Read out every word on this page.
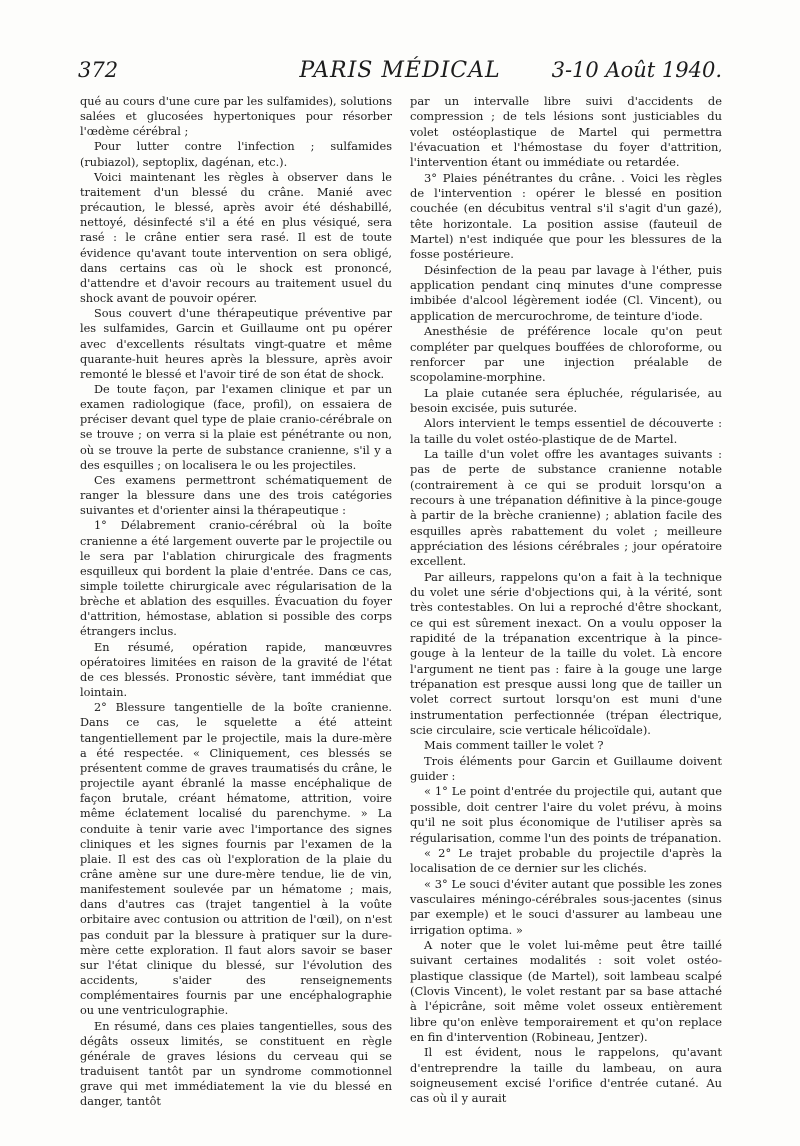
372	PARIS MÉDICAL	3-10 Août 1940.

qué au cours d'une cure par les sulfamides), solutions salées et glucosées hypertoniques pour résorber l'œdème cérébral ;

Pour lutter contre l'infection ; sulfamides (rubiazol), septoplix, dagénan, etc.).

Voici maintenant les règles à observer dans le traitement d'un blessé du crâne. Manié avec précaution, le blessé, après avoir été déshabillé, nettoyé, désinfecté s'il a été en plus vésiqué, sera rasé : le crâne entier sera rasé. Il est de toute évidence qu'avant toute intervention on sera obligé, dans certains cas où le shock est prononcé, d'attendre et d'avoir recours au traitement usuel du shock avant de pouvoir opérer.

Sous couvert d'une thérapeutique préventive par les sulfamides, Garcin et Guillaume ont pu opérer avec d'excellents résultats vingt-quatre et même quarante-huit heures après la blessure, après avoir remonté le blessé et l'avoir tiré de son état de shock.

De toute façon, par l'examen clinique et par un examen radiologique (face, profil), on essaiera de préciser devant quel type de plaie cranio-cérébrale on se trouve ; on verra si la plaie est pénétrante ou non, où se trouve la perte de substance cranienne, s'il y a des esquilles ; on localisera le ou les projectiles.

Ces examens permettront schématiquement de ranger la blessure dans une des trois catégories suivantes et d'orienter ainsi la thérapeutique :

1° Délabrement cranio-cérébral où la boîte cranienne a été largement ouverte par le projectile ou le sera par l'ablation chirurgicale des fragments esquilleux qui bordent la plaie d'entrée. Dans ce cas, simple toilette chirurgicale avec régularisation de la brèche et ablation des esquilles. Évacuation du foyer d'attrition, hémostase, ablation si possible des corps étrangers inclus.

En résumé, opération rapide, manœuvres opératoires limitées en raison de la gravité de l'état de ces blessés. Pronostic sévère, tant immédiat que lointain.

2° Blessure tangentielle de la boîte cranienne. Dans ce cas, le squelette a été atteint tangentiellement par le projectile, mais la dure-mère a été respectée. « Cliniquement, ces blessés se présentent comme de graves traumatisés du crâne, le projectile ayant ébranlé la masse encéphalique de façon brutale, créant hématome, attrition, voire même éclatement localisé du parenchyme. » La conduite à tenir varie avec l'importance des signes cliniques et les signes fournis par l'examen de la plaie. Il est des cas où l'exploration de la plaie du crâne amène sur une dure-mère tendue, lie de vin, manifestement soulevée par un hématome ; mais, dans d'autres cas (trajet tangentiel à la voûte orbitaire avec contusion ou attrition de l'œil), on n'est pas conduit par la blessure à pratiquer sur la dure-mère cette exploration. Il faut alors savoir se baser sur l'état clinique du blessé, sur l'évolution des accidents, s'aider des renseignements complémentaires fournis par une encéphalographie ou une ventriculographie.

En résumé, dans ces plaies tangentielles, sous des dégâts osseux limités, se constituent en règle générale de graves lésions du cerveau qui se traduisent tantôt par un syndrome commotionnel grave qui met immédiatement la vie du blessé en danger, tantôt

par un intervalle libre suivi d'accidents de compression ; de tels lésions sont justiciables du volet ostéoplastique de Martel qui permettra l'évacuation et l'hémostase du foyer d'attrition, l'intervention étant ou immédiate ou retardée.

3° Plaies pénétrantes du crâne. . Voici les règles de l'intervention : opérer le blessé en position couchée (en décubitus ventral s'il s'agit d'un gazé), tête horizontale. La position assise (fauteuil de Martel) n'est indiquée que pour les blessures de la fosse postérieure.

Désinfection de la peau par lavage à l'éther, puis application pendant cinq minutes d'une compresse imbibée d'alcool légèrement iodée (Cl. Vincent), ou application de mercurochrome, de teinture d'iode.

Anesthésie de préférence locale qu'on peut compléter par quelques bouffées de chloroforme, ou renforcer par une injection préalable de scopolamine-morphine.

La plaie cutanée sera épluchée, régularisée, au besoin excisée, puis suturée.

Alors intervient le temps essentiel de découverte : la taille du volet ostéo-plastique de de Martel.

La taille d'un volet offre les avantages suivants : pas de perte de substance cranienne notable (contrairement à ce qui se produit lorsqu'on a recours à une trépanation définitive à la pince-gouge à partir de la brèche cranienne) ; ablation facile des esquilles après rabattement du volet ; meilleure appréciation des lésions cérébrales ; jour opératoire excellent.

Par ailleurs, rappelons qu'on a fait à la technique du volet une série d'objections qui, à la vérité, sont très contestables. On lui a reproché d'être shockant, ce qui est sûrement inexact. On a voulu opposer la rapidité de la trépanation excentrique à la pince-gouge à la lenteur de la taille du volet. Là encore l'argument ne tient pas : faire à la gouge une large trépanation est presque aussi long que de tailler un volet correct surtout lorsqu'on est muni d'une instrumentation perfectionnée (trépan électrique, scie circulaire, scie verticale hélicoïdale).

Mais comment tailler le volet ?

Trois éléments pour Garcin et Guillaume doivent guider :

« 1° Le point d'entrée du projectile qui, autant que possible, doit centrer l'aire du volet prévu, à moins qu'il ne soit plus économique de l'utiliser après sa régularisation, comme l'un des points de trépanation.

« 2° Le trajet probable du projectile d'après la localisation de ce dernier sur les clichés.

« 3° Le souci d'éviter autant que possible les zones vasculaires méningo-cérébrales sous-jacentes (sinus par exemple) et le souci d'assurer au lambeau une irrigation optima. »

A noter que le volet lui-même peut être taillé suivant certaines modalités : soit volet ostéo-plastique classique (de Martel), soit lambeau scalpé (Clovis Vincent), le volet restant par sa base attaché à l'épicrâne, soit même volet osseux entièrement libre qu'on enlève temporairement et qu'on replace en fin d'intervention (Robineau, Jentzer).

Il est évident, nous le rappelons, qu'avant d'entreprendre la taille du lambeau, on aura soigneusement excisé l'orifice d'entrée cutané. Au cas où il y aurait
